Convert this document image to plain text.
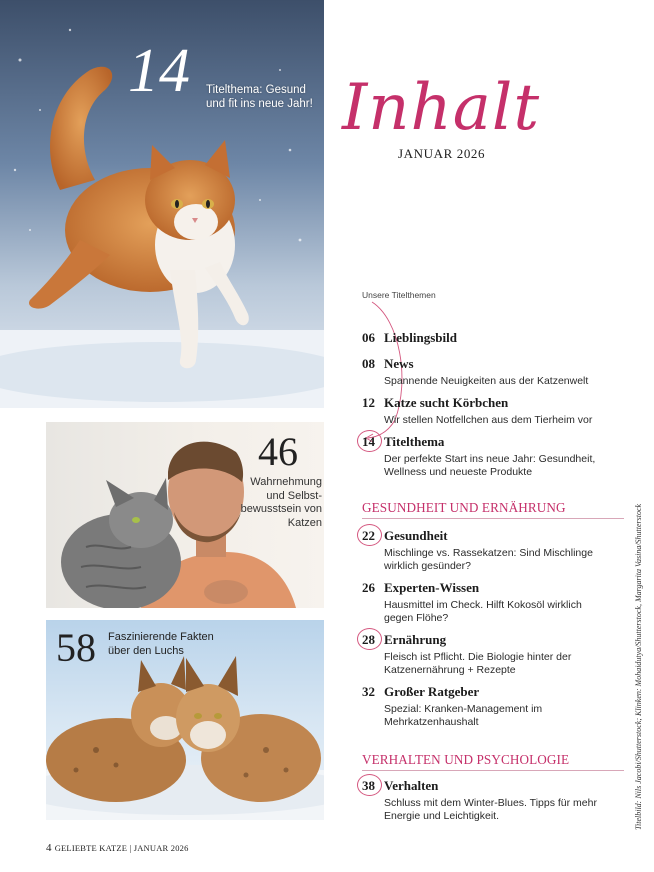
14 Titelthema: Gesund und fit ins neue Jahr!
46
Wahrnehmung und Selbst-bewusstsein von Katzen
58 Faszinierende Fakten über den Luchs
Inhalt
JANUAR 2026
Unsere Titelthemen
06 Lieblingsbild
08 News
Spannende Neuigkeiten aus der Katzenwelt
12 Katze sucht Körbchen
Wir stellen Notfellchen aus dem Tierheim vor
14 Titelthema
Der perfekte Start ins neue Jahr: Gesundheit, Wellness und neueste Produkte
GESUNDHEIT UND ERNÄHRUNG
22 Gesundheit
Mischlinge vs. Rassekatzen: Sind Mischlinge wirklich gesünder?
26 Experten-Wissen
Hausmittel im Check. Hilft Kokosöl wirklich gegen Flöhe?
28 Ernährung
Fleisch ist Pflicht. Die Biologie hinter der Katzenernährung + Rezepte
32 Großer Ratgeber
Spezial: Kranken-Management im Mehrkatzenhaushalt
VERHALTEN UND PSYCHOLOGIE
38 Verhalten
Schluss mit dem Winter-Blues. Tipps für mehr Energie und Leichtigkeit.	Titelbild: Nils Jacobi/Shutterstock; Klinken: Mohaidutya/Shutterstock, Margarita Vasina/Shutterstock
4 GELIEBTE KATZE | JANUAR 2026
